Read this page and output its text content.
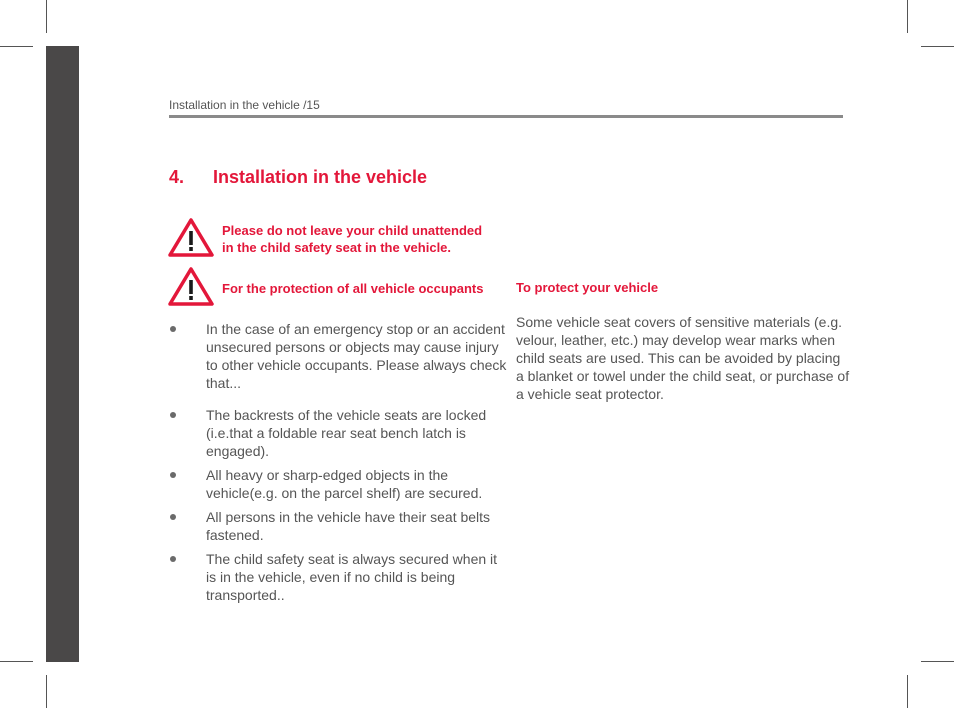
Installation in the vehicle /15
4. Installation in the vehicle
Please do not leave your child unattended
in the child safety seat in the vehicle.
For the protection of all vehicle occupants	To protect your vehicle
In the case of an emergency stop or an accident unsecured persons or objects may cause injury to other vehicle occupants. Please always check that...
The backrests of the vehicle seats are locked (i.e.that a foldable rear seat bench latch is engaged).
All heavy or sharp-edged objects in the vehicle(e.g. on the parcel shelf) are secured.
All persons in the vehicle have their seat belts fastened.
The child safety seat is always secured when it is in the vehicle, even if no child is being transported..
Some vehicle seat covers of sensitive materials (e.g. velour, leather, etc.) may develop wear marks when child seats are used. This can be avoided by placing a blanket or towel under the child seat, or purchase of a vehicle seat protector.
